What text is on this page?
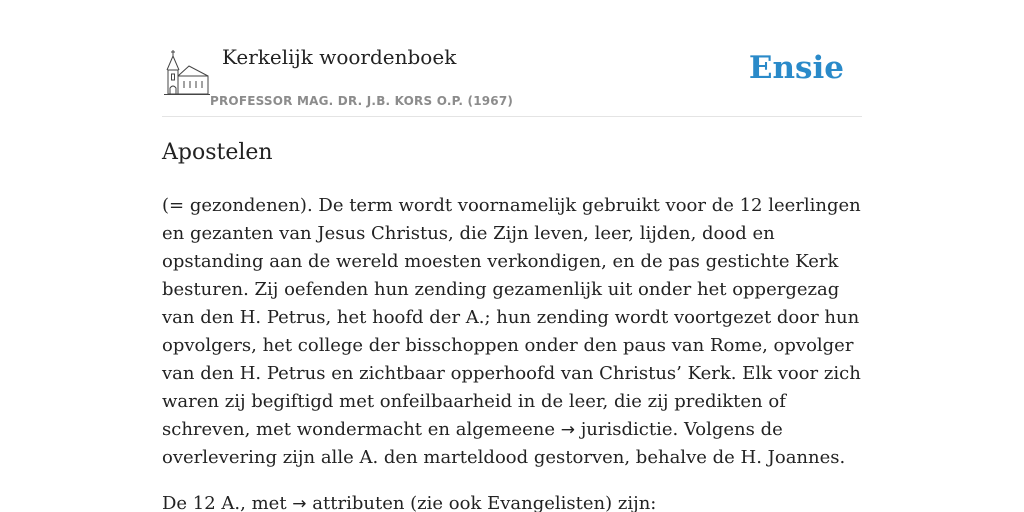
Kerkelijk woordenboek
PROFESSOR MAG. DR. J.B. KORS O.P. (1967)
Ensie
Apostelen

(= gezondenen). De term wordt voornamelijk gebruikt voor de 12 leerlingen en gezanten van Jesus Christus, die Zijn leven, leer, lijden, dood en opstanding aan de wereld moesten verkondigen, en de pas gestichte Kerk besturen. Zij oefenden hun zending gezamenlijk uit onder het oppergezag van den H. Petrus, het hoofd der A.; hun zending wordt voortgezet door hun opvolgers, het college der bisschoppen onder den paus van Rome, opvolger van den H. Petrus en zichtbaar opperhoofd van Christus’ Kerk. Elk voor zich waren zij begiftigd met onfeilbaarheid in de leer, die zij predikten of schreven, met wondermacht en algemeene → jurisdictie. Volgens de overlevering zijn alle A. den marteldood gestorven, behalve de H. Joannes.

De 12 A., met → attributen (zie ook Evangelisten) zijn:
